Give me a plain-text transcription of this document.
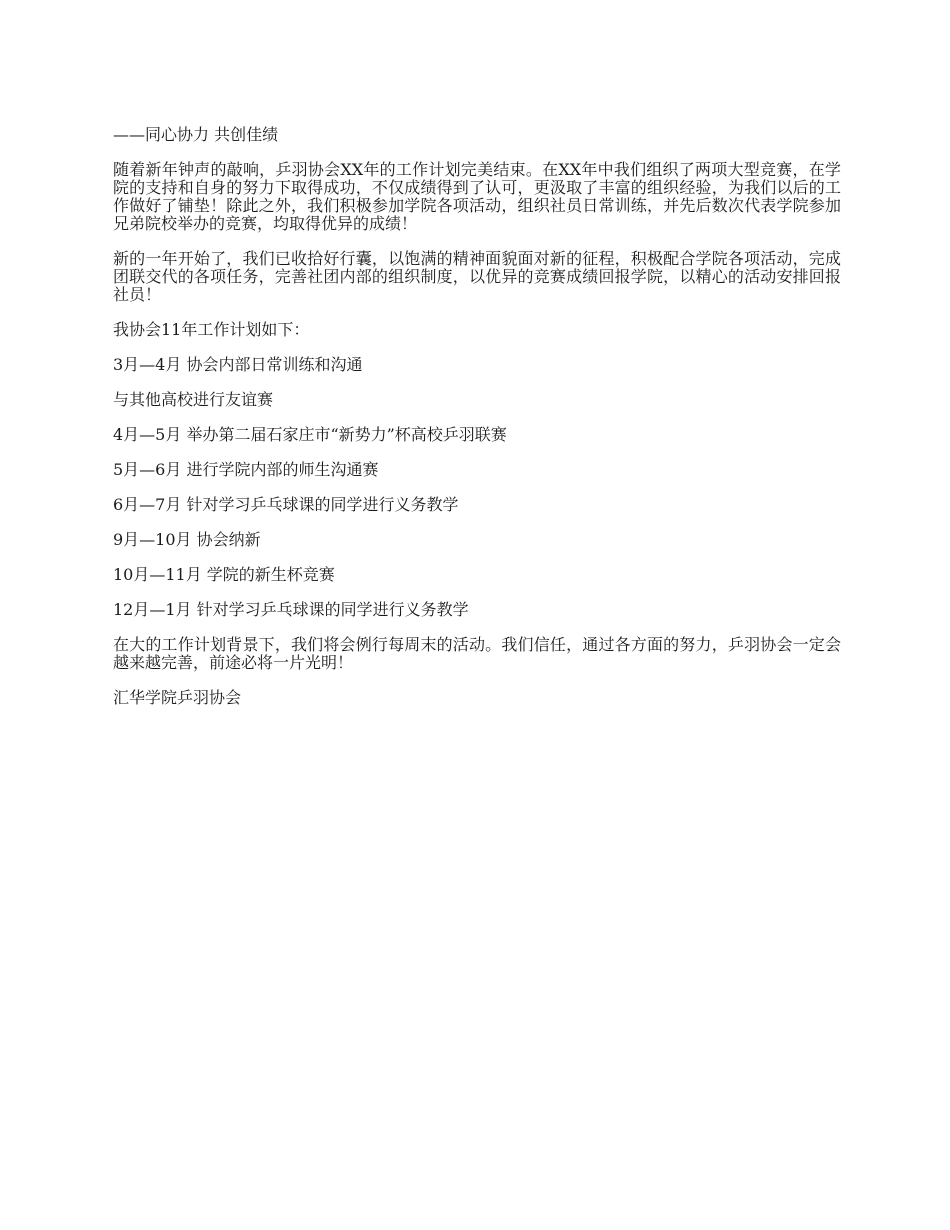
——同心协力 共创佳绩

随着新年钟声的敲响，乒羽协会XX年的工作计划完美结束。在XX年中我们组织了两项大型竞赛，在学院的支持和自身的努力下取得成功，不仅成绩得到了认可，更汲取了丰富的组织经验，为我们以后的工作做好了铺垫！除此之外，我们积极参加学院各项活动，组织社员日常训练，并先后数次代表学院参加兄弟院校举办的竞赛，均取得优异的成绩！

新的一年开始了，我们已收拾好行囊，以饱满的精神面貌面对新的征程，积极配合学院各项活动，完成团联交代的各项任务，完善社团内部的组织制度，以优异的竞赛成绩回报学院，以精心的活动安排回报社员！

我协会11年工作计划如下：

3月—4月 协会内部日常训练和沟通

与其他高校进行友谊赛

4月—5月 举办第二届石家庄市“新势力”杯高校乒羽联赛

5月—6月 进行学院内部的师生沟通赛

6月—7月 针对学习乒乓球课的同学进行义务教学

9月—10月 协会纳新

10月—11月 学院的新生杯竞赛

12月—1月 针对学习乒乓球课的同学进行义务教学

在大的工作计划背景下，我们将会例行每周末的活动。我们信任，通过各方面的努力，乒羽协会一定会越来越完善，前途必将一片光明！

汇华学院乒羽协会
